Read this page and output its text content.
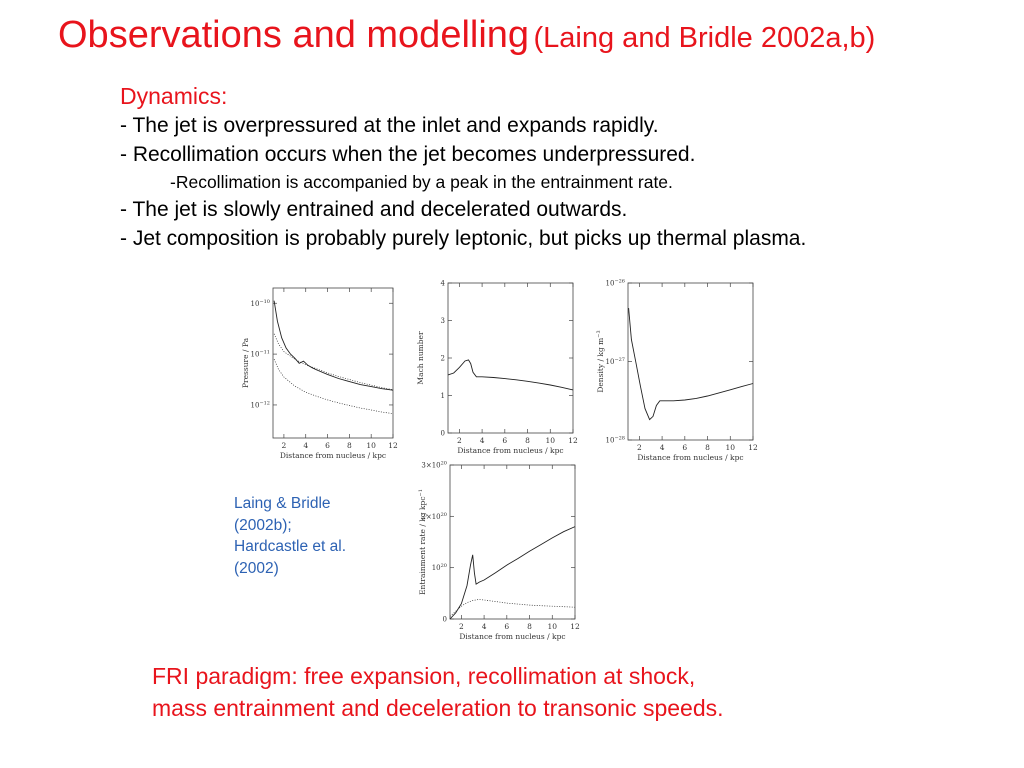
Observations and modelling (Laing and Bridle 2002a,b)
Dynamics:
- The jet is overpressured at the inlet and expands rapidly.
- Recollimation occurs when the jet becomes underpressured.
-Recollimation is accompanied by a peak in the entrainment rate.
- The jet is slowly entrained and decelerated outwards.
- Jet composition is probably purely leptonic, but picks up thermal plasma.
2 4 6 8 10 12
$10^{-10}$
$10^{-11}$
$10^{-12}$
Distance from nucleus / kpc
Pressure / Pa
2 4 6 8 10 12
0
1
2
3
4
Distance from nucleus / kpc
Mach number
2 4 6 8 10 12
$10^{-26}$
$10^{-27}$
$10^{-28}$
Distance from nucleus / kpc
Density / kg $m^{-3}$
2 4 6 8 10 12
0
$10^{20}$
$2\times 10^{20}$
$3\times 10^{20}$
Distance from nucleus / kpc
Entrainment rate / kg kpc$^{-1}$
Laing & Bridle
(2002b);
Hardcastle et al.
(2002)
FRI paradigm: free expansion, recollimation at shock,
mass entrainment and deceleration to transonic speeds.
